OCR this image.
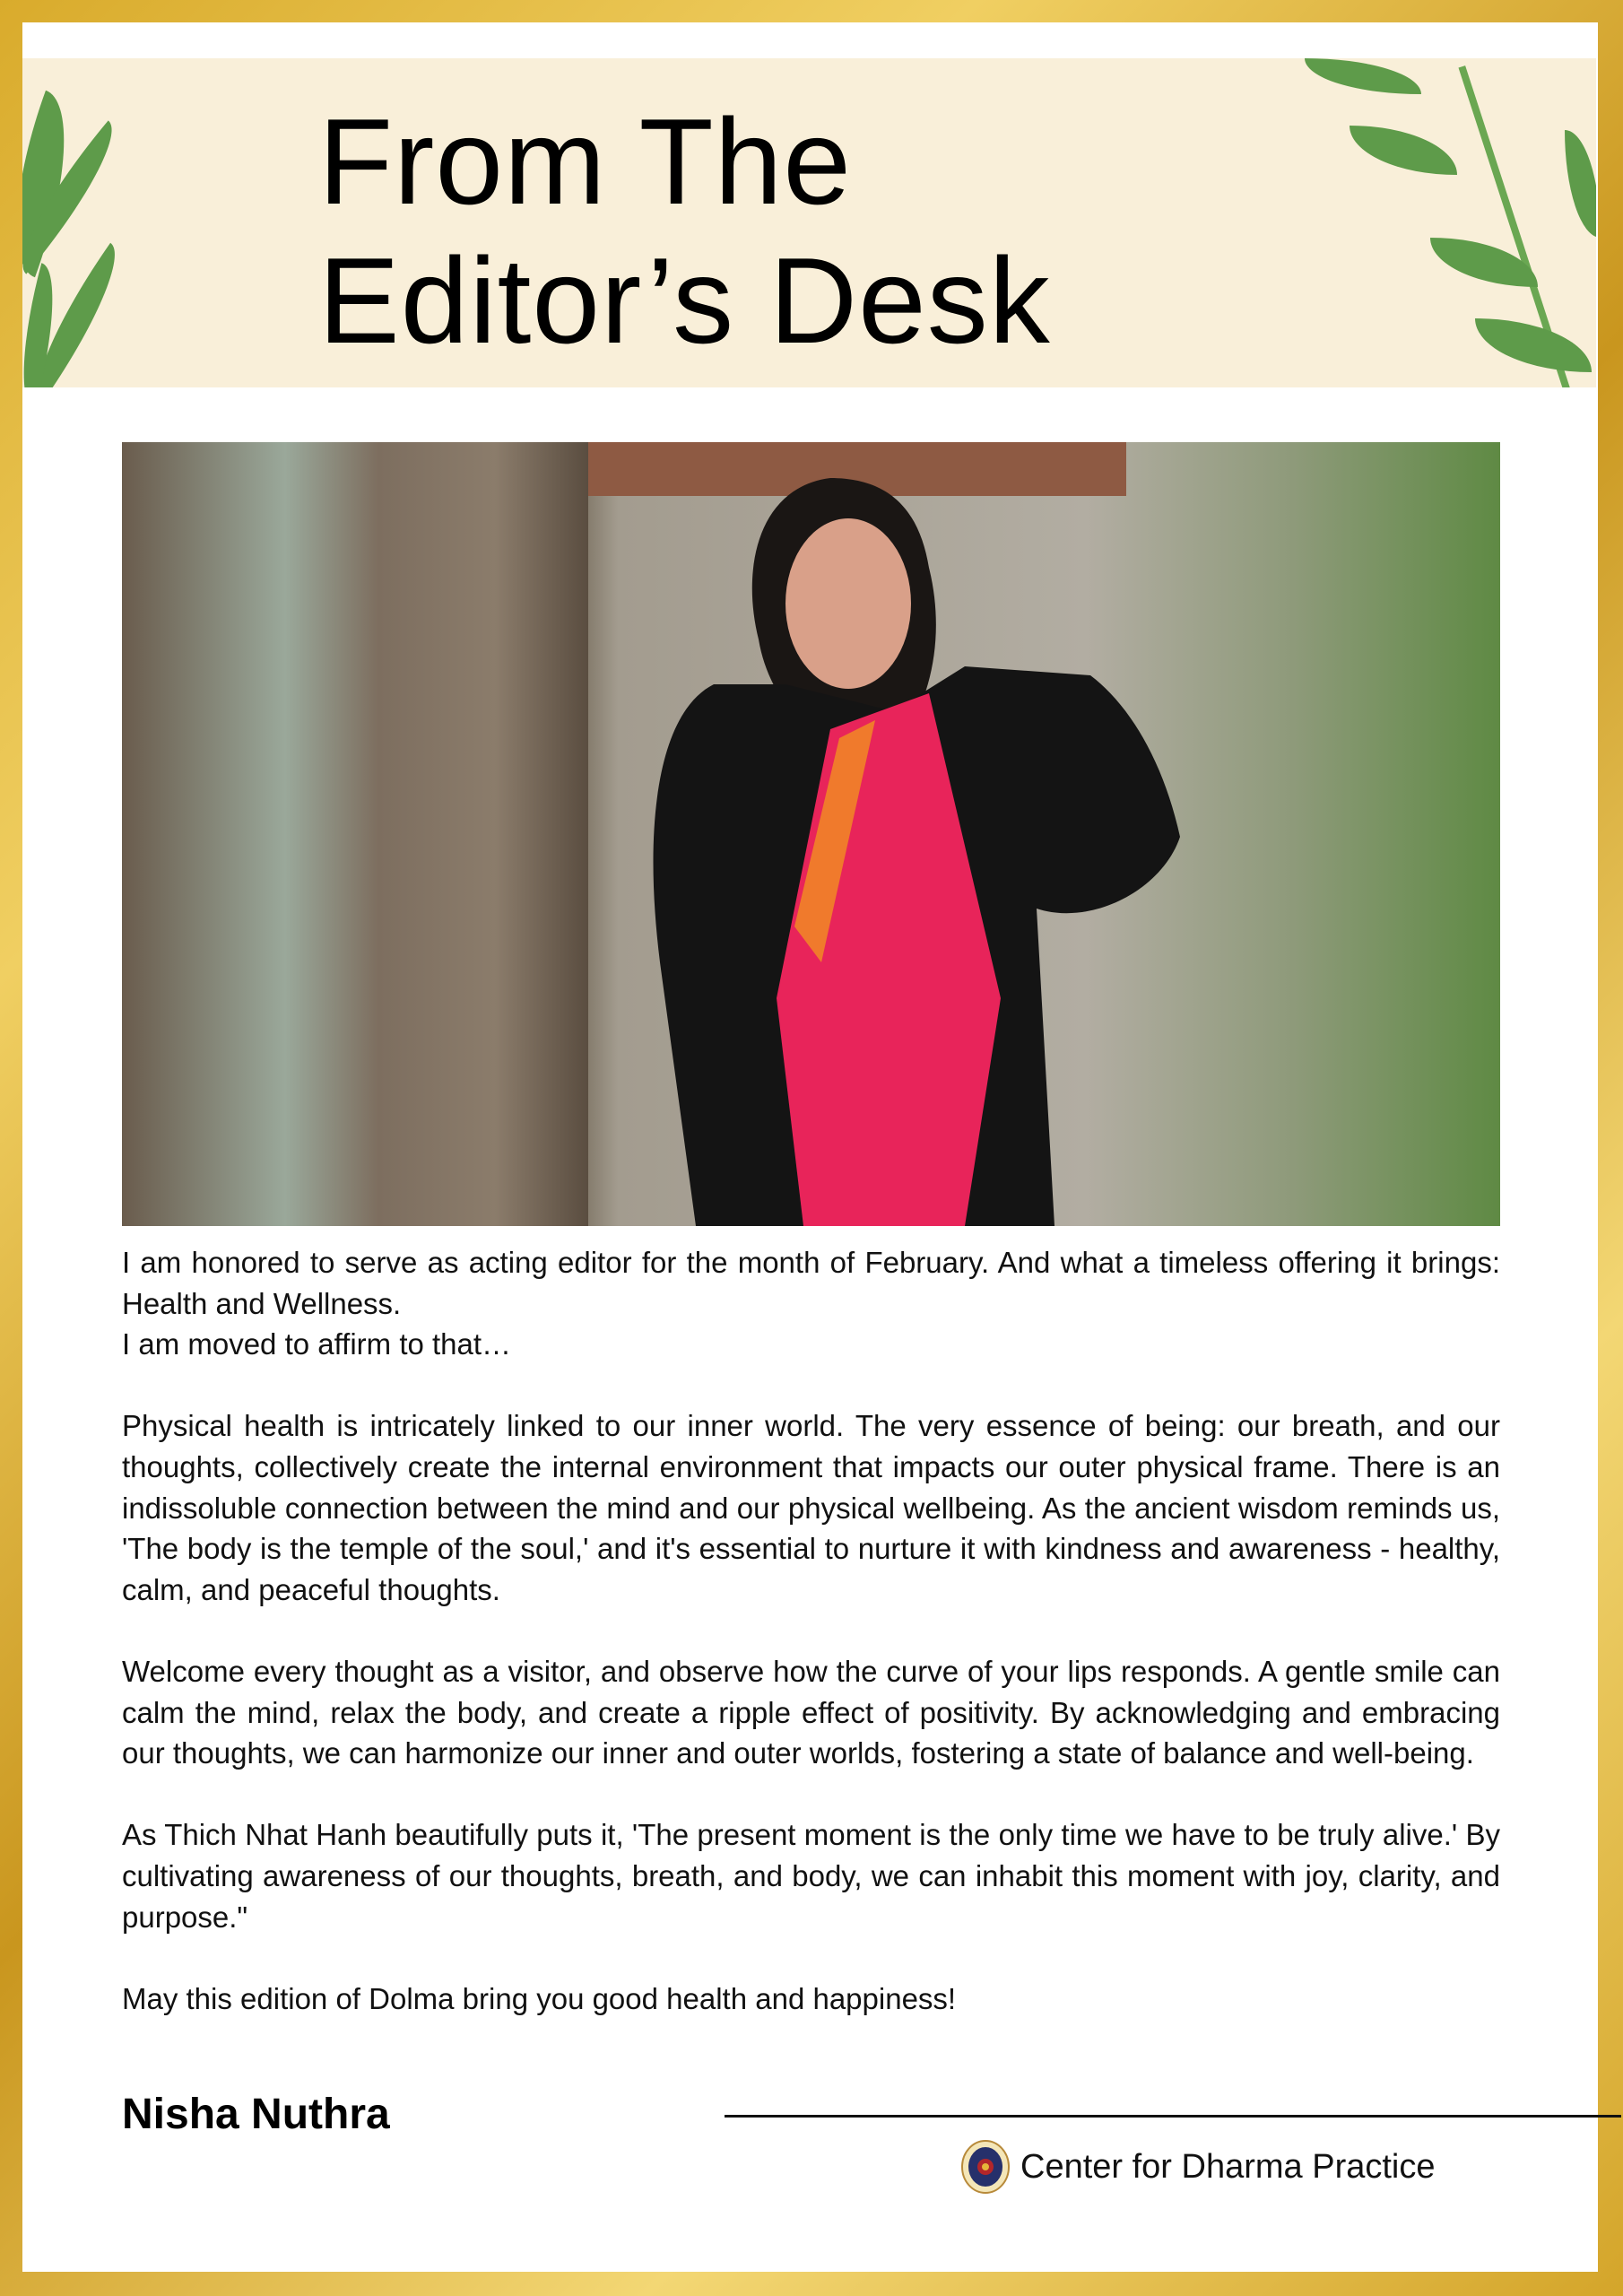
From The
Editor’s Desk

I am honored to serve as acting editor for the month of February. And what a timeless offering it brings: Health and Wellness.

I am moved to affirm to that…

Physical health is intricately linked to our inner world. The very essence of being: our breath, and our thoughts, collectively create the internal environment that impacts our outer physical frame. There is an indissoluble connection between the mind and our physical wellbeing. As the ancient wisdom reminds us, 'The body is the temple of the soul,' and it's essential to nurture it with kindness and awareness - healthy, calm, and peaceful thoughts.

Welcome every thought as a visitor, and observe how the curve of your lips responds. A gentle smile can calm the mind, relax the body, and create a ripple effect of positivity. By acknowledging and embracing our thoughts, we can harmonize our inner and outer worlds, fostering a state of balance and well-being.

As Thich Nhat Hanh beautifully puts it, 'The present moment is the only time we have to be truly alive.' By cultivating awareness of our thoughts, breath, and body, we can inhabit this moment with joy, clarity, and purpose."

May this edition of Dolma bring you good health and happiness!

Nisha Nuthra
Center for Dharma Practice
